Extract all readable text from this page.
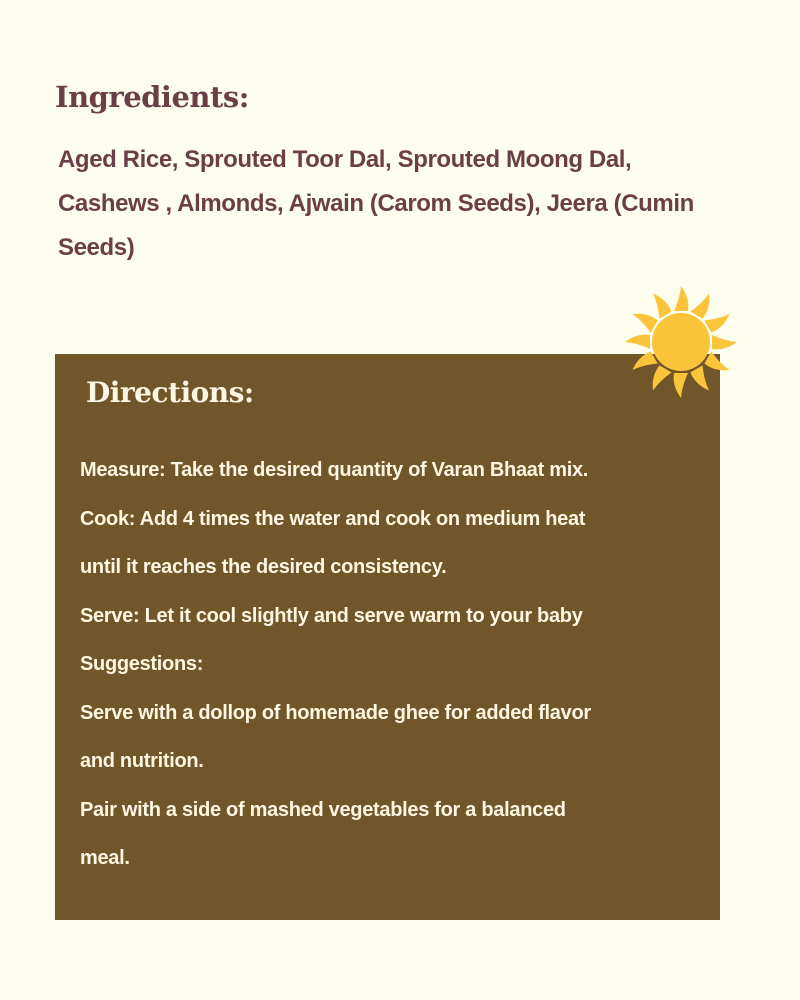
Ingredients:

Aged Rice, Sprouted Toor Dal, Sprouted Moong Dal, Cashews , Almonds, Ajwain (Carom Seeds), Jeera (Cumin Seeds)

Directions:
Measure: Take the desired quantity of Varan Bhaat mix.
Cook: Add 4 times the water and cook on medium heat
until it reaches the desired consistency.
Serve: Let it cool slightly and serve warm to your baby
Suggestions:
Serve with a dollop of homemade ghee for added flavor
and nutrition.
Pair with a side of mashed vegetables for a balanced
meal.
